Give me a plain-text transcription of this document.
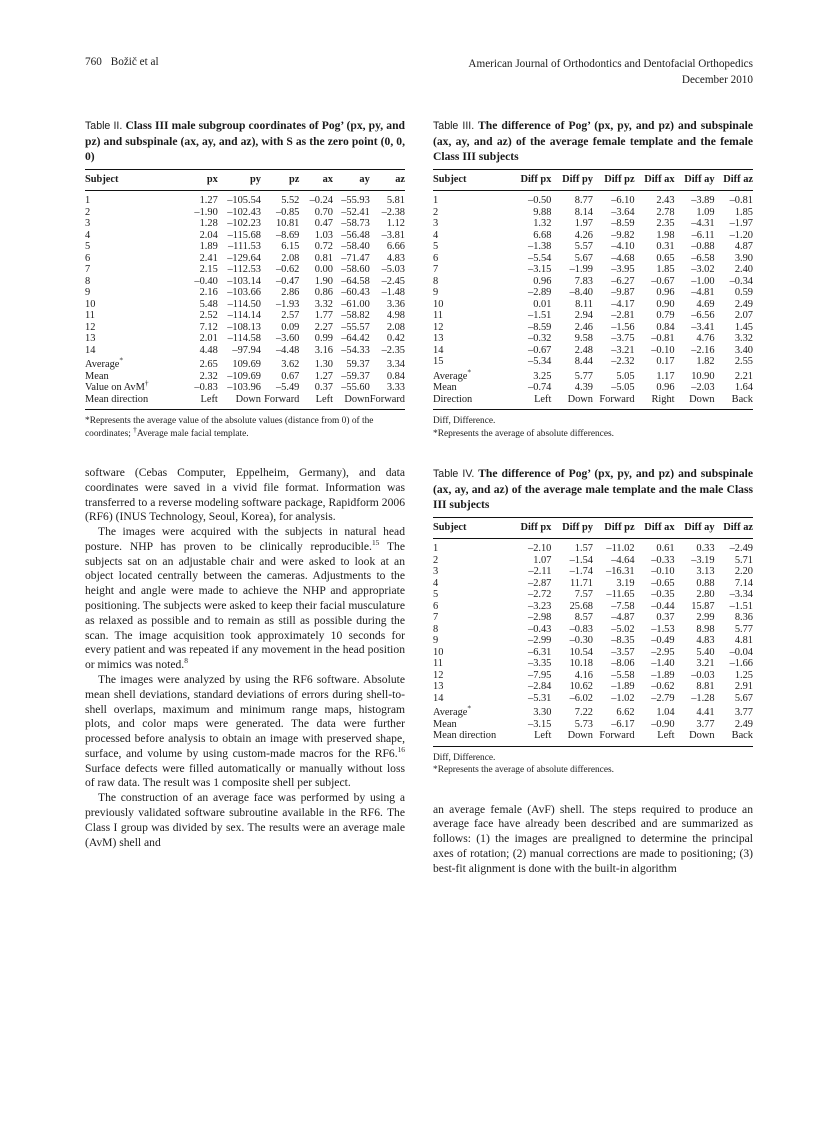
760 Božič et al	American Journal of Orthodontics and Dentofacial Orthopedics
December 2010

Table II. Class III male subgroup coordinates of Pog’ (px, py, and pz) and subspinale (ax, ay, and az), with S as the zero point (0, 0, 0)

Subject	px	py	pz	ax	ay	az
1	1.27	–105.54	5.52	–0.24	–55.93	5.81
2	–1.90	–102.43	–0.85	0.70	–52.41	–2.38
3	1.28	–102.23	10.81	0.47	–58.73	1.12
4	2.04	–115.68	–8.69	1.03	–56.48	–3.81
5	1.89	–111.53	6.15	0.72	–58.40	6.66
6	2.41	–129.64	2.08	0.81	–71.47	4.83
7	2.15	–112.53	–0.62	0.00	–58.60	–5.03
8	–0.40	–103.14	–0.47	1.90	–64.58	–2.45
9	2.16	–103.66	2.86	0.86	–60.43	–1.48
10	5.48	–114.50	–1.93	3.32	–61.00	3.36
11	2.52	–114.14	2.57	1.77	–58.82	4.98
12	7.12	–108.13	0.09	2.27	–55.57	2.08
13	2.01	–114.58	–3.60	0.99	–64.42	0.42
14	4.48	–97.94	–4.48	3.16	–54.33	–2.35

Average*	2.65	109.69	3.62	1.30	59.37	3.34
Mean	2.32	–109.69	0.67	1.27	–59.37	0.84
Value on AvM†	–0.83	–103.96	–5.49	0.37	–55.60	3.33
Mean direction	Left	Down	Forward	Left	Down	Forward
*Represents the average value of the absolute values (distance from 0) of the coordinates; †Average male facial template.

software (Cebas Computer, Eppelheim, Germany), and data coordinates were saved in a vivid file format. Information was transferred to a reverse modeling software package, Rapidform 2006 (RF6) (INUS Technology, Seoul, Korea), for analysis.

The images were acquired with the subjects in natural head posture. NHP has proven to be clinically reproducible.$^{15}$ The subjects sat on an adjustable chair and were asked to look at an object located centrally between the cameras. Adjustments to the height and angle were made to achieve the NHP and appropriate positioning. The subjects were asked to keep their facial musculature as relaxed as possible and to remain as still as possible during the scan. The image acquisition took approximately 10 seconds for every patient and was repeated if any movement in the head position or mimics was noted.$^8$

The images were analyzed by using the RF6 software. Absolute mean shell deviations, standard deviations of errors during shell-to-shell overlaps, maximum and minimum range maps, histogram plots, and color maps were generated. The data were further processed before analysis to obtain an image with preserved shape, surface, and volume by using custom-made macros for the RF6.16 Surface defects were filled automatically or manually without loss of raw data. The result was 1 composite shell per subject.

The construction of an average face was performed by using a previously validated software subroutine available in the RF6. The Class I group was divided by sex. The results were an average male (AvM) shell and

Table III. The difference of Pog’ (px, py, and pz) and subspinale (ax, ay, and az) of the average female template and the female Class III subjects

Subject	Diff px	Diff py	Diff pz	Diff ax	Diff ay	Diff az
1	–0.50	8.77	–6.10	2.43	–3.89	–0.81
2	9.88	8.14	–3.64	2.78	1.09	1.85
3	1.32	1.97	–8.59	2.35	–4.31	–1.97
4	6.68	4.26	–9.82	1.98	–6.11	–1.20
5	–1.38	5.57	–4.10	0.31	–0.88	4.87
6	–5.54	5.67	–4.68	0.65	–6.58	3.90
7	–3.15	–1.99	–3.95	1.85	–3.02	2.40
8	0.96	7.83	–6.27	–0.67	–1.00	–0.34
9	–2.89	–8.40	–9.87	0.96	–4.81	0.59
10	0.01	8.11	–4.17	0.90	4.69	2.49
11	–1.51	2.94	–2.81	0.79	–6.56	2.07
12	–8.59	2.46	–1.56	0.84	–3.41	1.45
13	–0.32	9.58	–3.75	–0.81	4.76	3.32
14	–0.67	2.48	–3.21	–0.10	–2.16	3.40
15	–5.34	8.44	–2.32	0.17	1.82	2.55

Average*	3.25	5.77	5.05	1.17	10.90	2.21
Mean	–0.74	4.39	–5.05	0.96	–2.03	1.64
Direction	Left	Down	Forward	Right	Down	Back
Diff, Difference.
*Represents the average of absolute differences.

Table IV. The difference of Pog’ (px, py, and pz) and subspinale (ax, ay, and az) of the average male template and the male Class III subjects

Subject	Diff px	Diff py	Diff pz	Diff ax	Diff ay	Diff az
1	–2.10	1.57	–11.02	0.61	0.33	–2.49
2	1.07	–1.54	–4.64	–0.33	–3.19	5.71
3	–2.11	–1.74	–16.31	–0.10	3.13	2.20
4	–2.87	11.71	3.19	–0.65	0.88	7.14
5	–2.72	7.57	–11.65	–0.35	2.80	–3.34
6	–3.23	25.68	–7.58	–0.44	15.87	–1.51
7	–2.98	8.57	–4.87	0.37	2.99	8.36
8	–0.43	–0.83	–5.02	–1.53	8.98	5.77
9	–2.99	–0.30	–8.35	–0.49	4.83	4.81
10	–6.31	10.54	–3.57	–2.95	5.40	–0.04
11	–3.35	10.18	–8.06	–1.40	3.21	–1.66
12	–7.95	4.16	–5.58	–1.89	–0.03	1.25
13	–2.84	10.62	–1.89	–0.62	8.81	2.91
14	–5.31	–6.02	–1.02	–2.79	–1.28	5.67

Average*	3.30	7.22	6.62	1.04	4.41	3.77
Mean	–3.15	5.73	–6.17	–0.90	3.77	2.49
Mean direction	Left	Down	Forward	Left	Down	Back
Diff, Difference.
*Represents the average of absolute differences.

an average female (AvF) shell. The steps required to produce an average face have already been described and are summarized as follows: (1) the images are prealigned to determine the principal axes of rotation; (2) manual corrections are made to positioning; (3) best-fit alignment is done with the built-in algorithm
